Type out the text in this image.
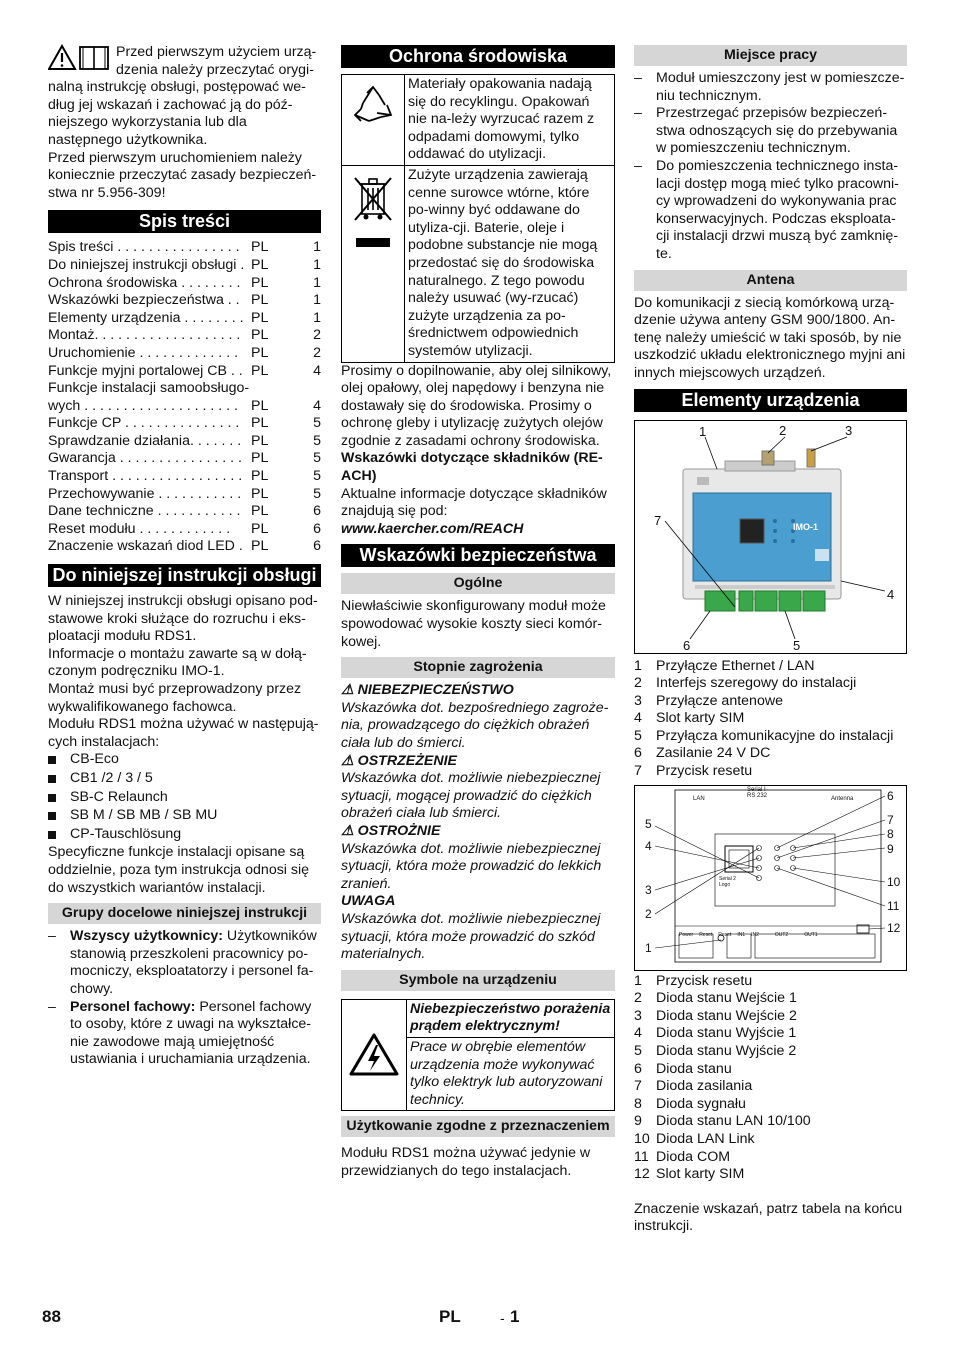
Przed pierwszym użyciem urzą-

dzenia należy przeczytać orygi-

nalną instrukcję obsługi, postępować we-dług jej wskazań i zachować ją do póź-niejszego wykorzystania lub dla następnego użytkownika.

Przed pierwszym uruchomieniem należy koniecznie przeczytać zasady bezpieczeń-stwa nr 5.956-309!

Spis treści
Spis treści . . . . . . . . . . . . . . . . PL	1
Do niniejszej instrukcji obsługi . PL	1
Ochrona środowiska . . . . . . . . PL	1
Wskazówki bezpieczeństwa . . PL	1
Elementy urządzenia . . . . . . . . PL	1
Montaż. . . . . . . . . . . . . . . . . . . PL	2
Uruchomienie . . . . . . . . . . . . . PL	2
Funkcje myjni portalowej CB . . PL	4
Funkcje instalacji samoobsługo-
wych . . . . . . . . . . . . . . . . . . . . PL	4
Funkcje CP . . . . . . . . . . . . . . . PL	5
Sprawdzanie działania. . . . . . . PL	5
Gwarancja . . . . . . . . . . . . . . . . PL	5
Transport . . . . . . . . . . . . . . . . . PL	5
Przechowywanie . . . . . . . . . . . PL	5
Dane techniczne . . . . . . . . . . . PL	6
Reset modułu . . . . . . . . . . . .	PL	6
Znaczenie wskazań diod LED . PL	6
Do niniejszej instrukcji obsługi

W niniejszej instrukcji obsługi opisano pod-stawowe kroki służące do rozruchu i eks-ploatacji modułu RDS1.

Informacje o montażu zawarte są w dołą-czonym podręczniku IMO-1.

Montaż musi być przeprowadzony przez wykwalifikowanego fachowca.

Modułu RDS1 można używać w następują-cych instalacjach:

CB-Eco
CB1 /2 / 3 / 5
SB-C Relaunch
SB M / SB MB / SB MU
CP-Tauschlösung

Specyficzne funkcje instalacji opisane są oddzielnie, poza tym instrukcja odnosi się do wszystkich wariantów instalacji.

Grupy docelowe niniejszej instrukcji
– Wszyscy użytkownicy: Użytkowników stanowią przeszkoleni pracownicy po-mocniczy, eksploatatorzy i personel fa-chowy.
– Personel fachowy: Personel fachowy to osoby, które z uwagi na wykształce-nie zawodowe mają umiejętność ustawiania i uruchamiania urządzenia.
Ochrona środowiska
Materiały opakowania nadają się do recyklingu. Opakowań nie na-leży wyrzucać razem z odpadami domowymi, tylko oddawać do utylizacji.
Zużyte urządzenia zawierają cenne surowce wtórne, które po-winny być oddawane do utyliza-cji. Baterie, oleje i podobne substancje nie mogą przedostać się do środowiska naturalnego. Z tego powodu należy usuwać (wy-rzucać) zużyte urządzenia za po-średnictwem odpowiednich systemów utylizacji.

Prosimy o dopilnowanie, aby olej silnikowy, olej opałowy, olej napędowy i benzyna nie dostawały się do środowiska. Prosimy o ochronę gleby i utylizację zużytych olejów zgodnie z zasadami ochrony środowiska.

Wskazówki dotyczące składników (RE-ACH)

Aktualne informacje dotyczące składników znajdują się pod:

www.kaercher.com/REACH

Wskazówki bezpieczeństwa
Ogólne

Niewłaściwie skonfigurowany moduł może spowodować wysokie koszty sieci komór-kowej.

Stopnie zagrożenia

⚠ NIEBEZPIECZEŃSTWO

Wskazówka dot. bezpośredniego zagroże-nia, prowadzącego do ciężkich obrażeń ciała lub do śmierci.

⚠ OSTRZEŻENIE

Wskazówka dot. możliwie niebezpiecznej sytuacji, mogącej prowadzić do ciężkich obrażeń ciała lub śmierci.

⚠ OSTROŻNIE

Wskazówka dot. możliwie niebezpiecznej sytuacji, która może prowadzić do lekkich zranień.

UWAGA

Wskazówka dot. możliwie niebezpiecznej sytuacji, która może prowadzić do szkód materialnych.

Symbole na urządzeniu
Niebezpieczeństwo porażenia prądem elektrycznym!
Prace w obrębie elementów urządzenia może wykonywać tylko elektryk lub autoryzowani technicy.
Użytkowanie zgodne z przeznaczeniem

Modułu RDS1 można używać jedynie w przewidzianych do tego instalacjach.

Miejsce pracy
– Moduł umieszczony jest w pomieszcze-niu technicznym.
– Przestrzegać przepisów bezpieczeń-stwa odnoszących się do przebywania w pomieszczeniu technicznym.
– Do pomieszczenia technicznego insta-lacji dostęp mogą mieć tylko pracowni-cy wprowadzeni do wykonywania prac konserwacyjnych. Podczas eksploata-cji instalacji drzwi muszą być zamknię-te.
Antena

Do komunikacji z siecią komórkową urzą-dzenie używa anteny GSM 900/1800. An-tenę należy umieścić w taki sposób, by nie uszkodzić układu elektronicznego myjni ani innych miejscowych urządzeń.

Elementy urządzenia
1	2	3
4
5
6
7	IMO-1
1 Przyłącze Ethernet / LAN
2 Interfejs szeregowy do instalacji
3 Przyłącze antenowe
4 Slot karty SIM
5 Przyłącza komunikacyjne do instalacji
6 Zasilanie 24 V DC
7 Przycisk resetu
LAN
Serial I
RS 232	Antenna
Serial 2
Logo
Power Reset Reset IN1 IN2	OUT2	OUT1
1
2
3
4
5
6
7
8
9
10
11
12
1 Przycisk resetu
2 Dioda stanu Wejście 1
3 Dioda stanu Wejście 2
4 Dioda stanu Wyjście 1
5 Dioda stanu Wyjście 2
6 Dioda stanu
7 Dioda zasilania
8 Dioda sygnału
9 Dioda stanu LAN 10/100
10 Dioda LAN Link
11 Dioda COM
12 Slot karty SIM

Znaczenie wskazań, patrz tabela na końcu instrukcji.

88	PL	- 1
